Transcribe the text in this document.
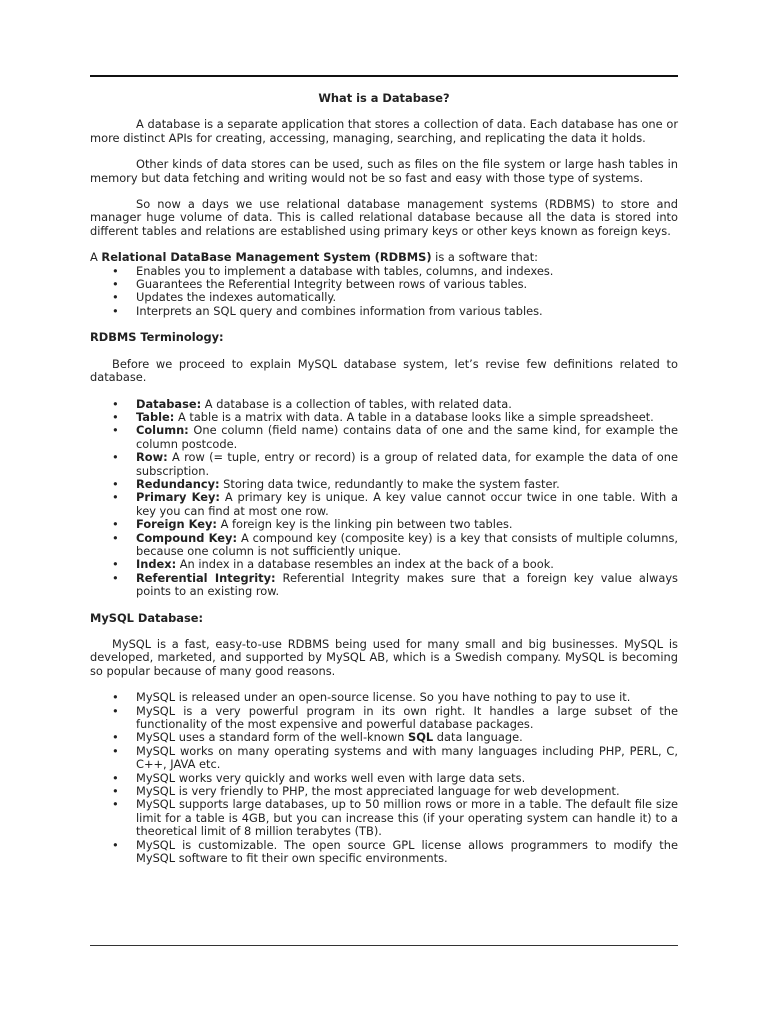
What is a Database?

A database is a separate application that stores a collection of data. Each database has one or more distinct APIs for creating, accessing, managing, searching, and replicating the data it holds.

Other kinds of data stores can be used, such as files on the file system or large hash tables in memory but data fetching and writing would not be so fast and easy with those type of systems.

So now a days we use relational database management systems (RDBMS) to store and manager huge volume of data. This is called relational database because all the data is stored into different tables and relations are established using primary keys or other keys known as foreign keys.

A Relational DataBase Management System (RDBMS) is a software that:

• Enables you to implement a database with tables, columns, and indexes.
• Guarantees the Referential Integrity between rows of various tables.
• Updates the indexes automatically.
• Interprets an SQL query and combines information from various tables.
RDBMS Terminology:

Before we proceed to explain MySQL database system, let’s revise few definitions related to database.

• Database: A database is a collection of tables, with related data.
• Table: A table is a matrix with data. A table in a database looks like a simple spreadsheet.
• Column: One column (field name) contains data of one and the same kind, for example the column postcode.
• Row: A row (= tuple, entry or record) is a group of related data, for example the data of one subscription.
• Redundancy: Storing data twice, redundantly to make the system faster.
• Primary Key: A primary key is unique. A key value cannot occur twice in one table. With a key you can find at most one row.
• Foreign Key: A foreign key is the linking pin between two tables.
• Compound Key: A compound key (composite key) is a key that consists of multiple columns, because one column is not sufficiently unique.
• Index: An index in a database resembles an index at the back of a book.
• Referential Integrity: Referential Integrity makes sure that a foreign key value always points to an existing row.
MySQL Database:

MySQL is a fast, easy-to-use RDBMS being used for many small and big businesses. MySQL is developed, marketed, and supported by MySQL AB, which is a Swedish company. MySQL is becoming so popular because of many good reasons.

• MySQL is released under an open-source license. So you have nothing to pay to use it.
• MySQL is a very powerful program in its own right. It handles a large subset of the functionality of the most expensive and powerful database packages.
• MySQL uses a standard form of the well-known SQL data language.
• MySQL works on many operating systems and with many languages including PHP, PERL, C, C++, JAVA etc.
• MySQL works very quickly and works well even with large data sets.
• MySQL is very friendly to PHP, the most appreciated language for web development.
• MySQL supports large databases, up to 50 million rows or more in a table. The default file size limit for a table is 4GB, but you can increase this (if your operating system can handle it) to a theoretical limit of 8 million terabytes (TB).
• MySQL is customizable. The open source GPL license allows programmers to modify the MySQL software to fit their own specific environments.
